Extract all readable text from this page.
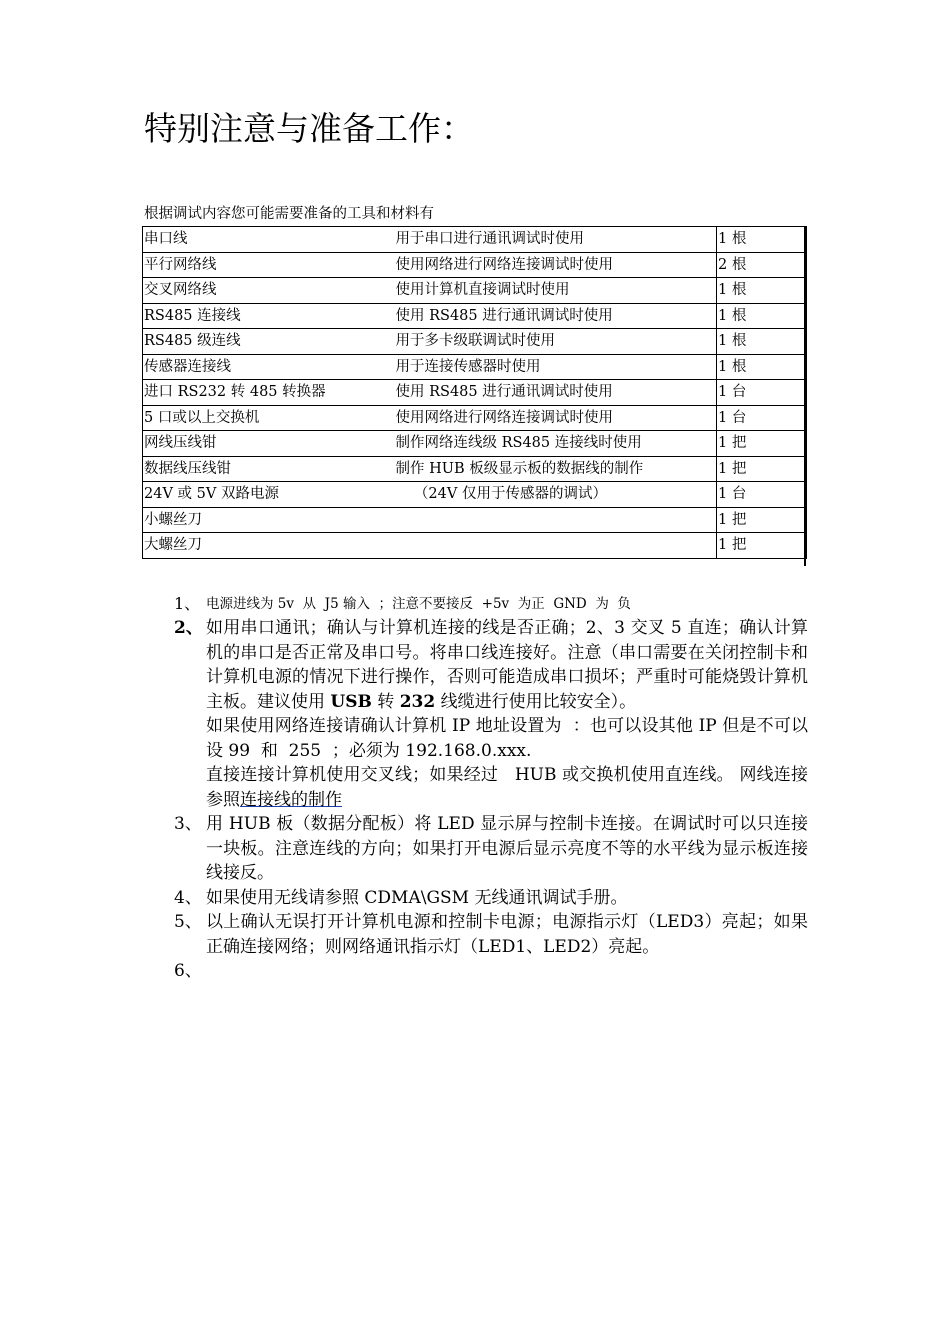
特别注意与准备工作：
根据调试内容您可能需要准备的工具和材料有
串口线	用于串口进行通讯调试时使用	1 根
平行网络线	使用网络进行网络连接调试时使用	2 根
交叉网络线	使用计算机直接调试时使用	1 根
RS485 连接线	使用 RS485 进行通讯调试时使用	1 根
RS485 级连线	用于多卡级联调试时使用	1 根
传感器连接线	用于连接传感器时使用	1 根
进口 RS232 转 485 转换器	使用 RS485 进行通讯调试时使用	1 台
5 口或以上交换机	使用网络进行网络连接调试时使用	1 台
网线压线钳	制作网络连线级 RS485 连接线时使用	1 把
数据线压线钳	制作 HUB 板级显示板的数据线的制作	1 把
24V 或 5V 双路电源	（24V 仅用于传感器的调试）	1 台
小螺丝刀		1 把
大螺丝刀		1 把
1、 电源进线为 5v  从  J5 输入  ；注意不要接反  +5v  为正  GND  为  负
2、 如用串口通讯；确认与计算机连接的线是否正确；2、3 交叉 5 直连；确认计算机的串口是否正常及串口号。将串口线连接好。注意（串口需要在关闭控制卡和计算机电源的情况下进行操作，否则可能造成串口损坏；严重时可能烧毁计算机主板。建议使用 USB 转 232 线缆进行使用比较安全）。
如果使用网络连接请确认计算机 IP 地址设置为  ：也可以设其他 IP 但是不可以设 99  和  255  ；必须为 192.168.0.xxx.
直接连接计算机使用交叉线；如果经过   HUB 或交换机使用直连线。 网线连接参照连接线的制作
3、 用 HUB 板（数据分配板）将 LED 显示屏与控制卡连接。在调试时可以只连接一块板。注意连线的方向；如果打开电源后显示亮度不等的水平线为显示板连接线接反。
4、 如果使用无线请参照 CDMA\GSM 无线通讯调试手册。
5、 以上确认无误打开计算机电源和控制卡电源；电源指示灯（LED3）亮起；如果正确连接网络；则网络通讯指示灯（LED1、LED2）亮起。
6、
